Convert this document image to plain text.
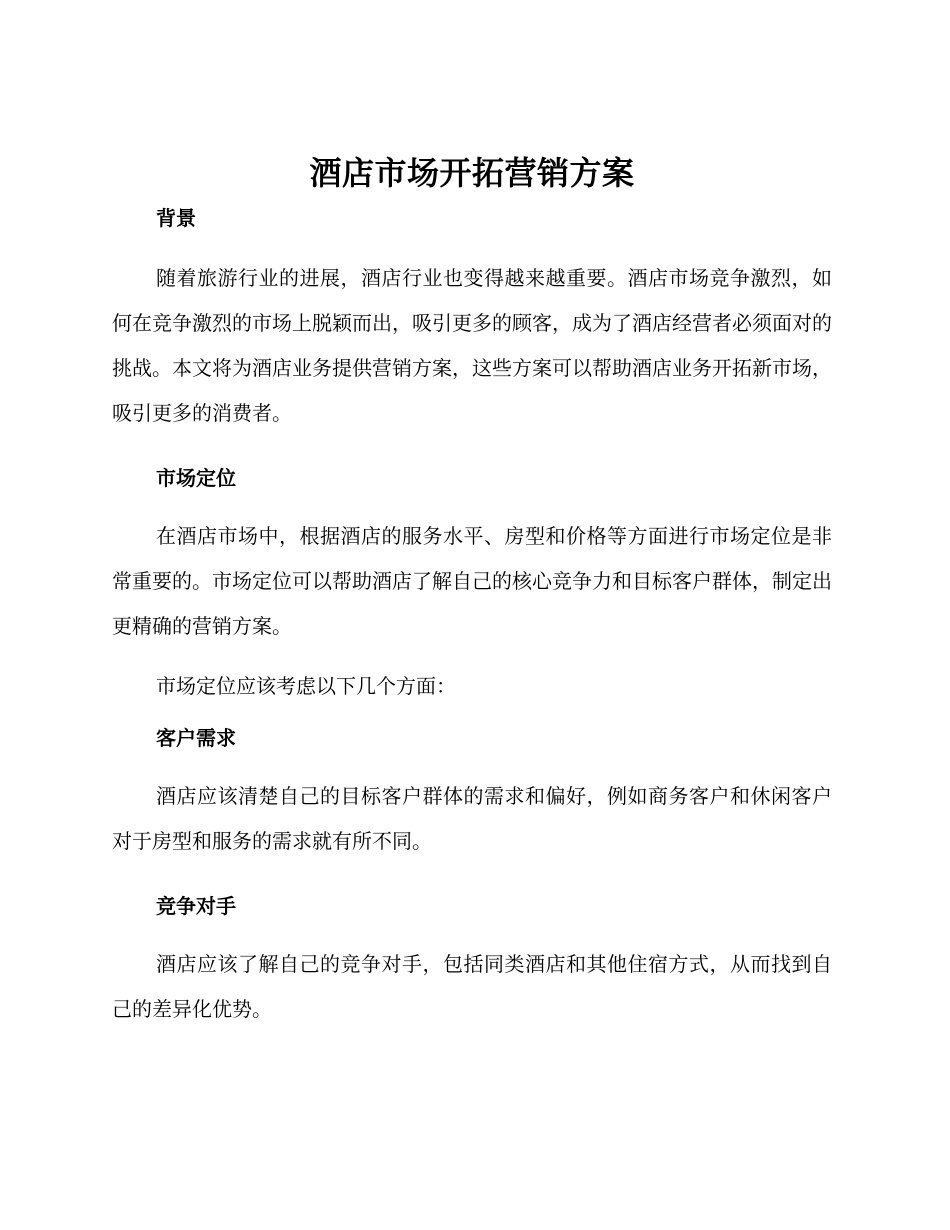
酒店市场开拓营销方案
背景

随着旅游行业的进展，酒店行业也变得越来越重要。酒店市场竞争激烈，如何在竞争激烈的市场上脱颖而出，吸引更多的顾客，成为了酒店经营者必须面对的挑战。本文将为酒店业务提供营销方案，这些方案可以帮助酒店业务开拓新市场，吸引更多的消费者。

市场定位

在酒店市场中，根据酒店的服务水平、房型和价格等方面进行市场定位是非常重要的。市场定位可以帮助酒店了解自己的核心竞争力和目标客户群体，制定出更精确的营销方案。

市场定位应该考虑以下几个方面：

客户需求

酒店应该清楚自己的目标客户群体的需求和偏好，例如商务客户和休闲客户对于房型和服务的需求就有所不同。

竞争对手

酒店应该了解自己的竞争对手，包括同类酒店和其他住宿方式，从而找到自己的差异化优势。
